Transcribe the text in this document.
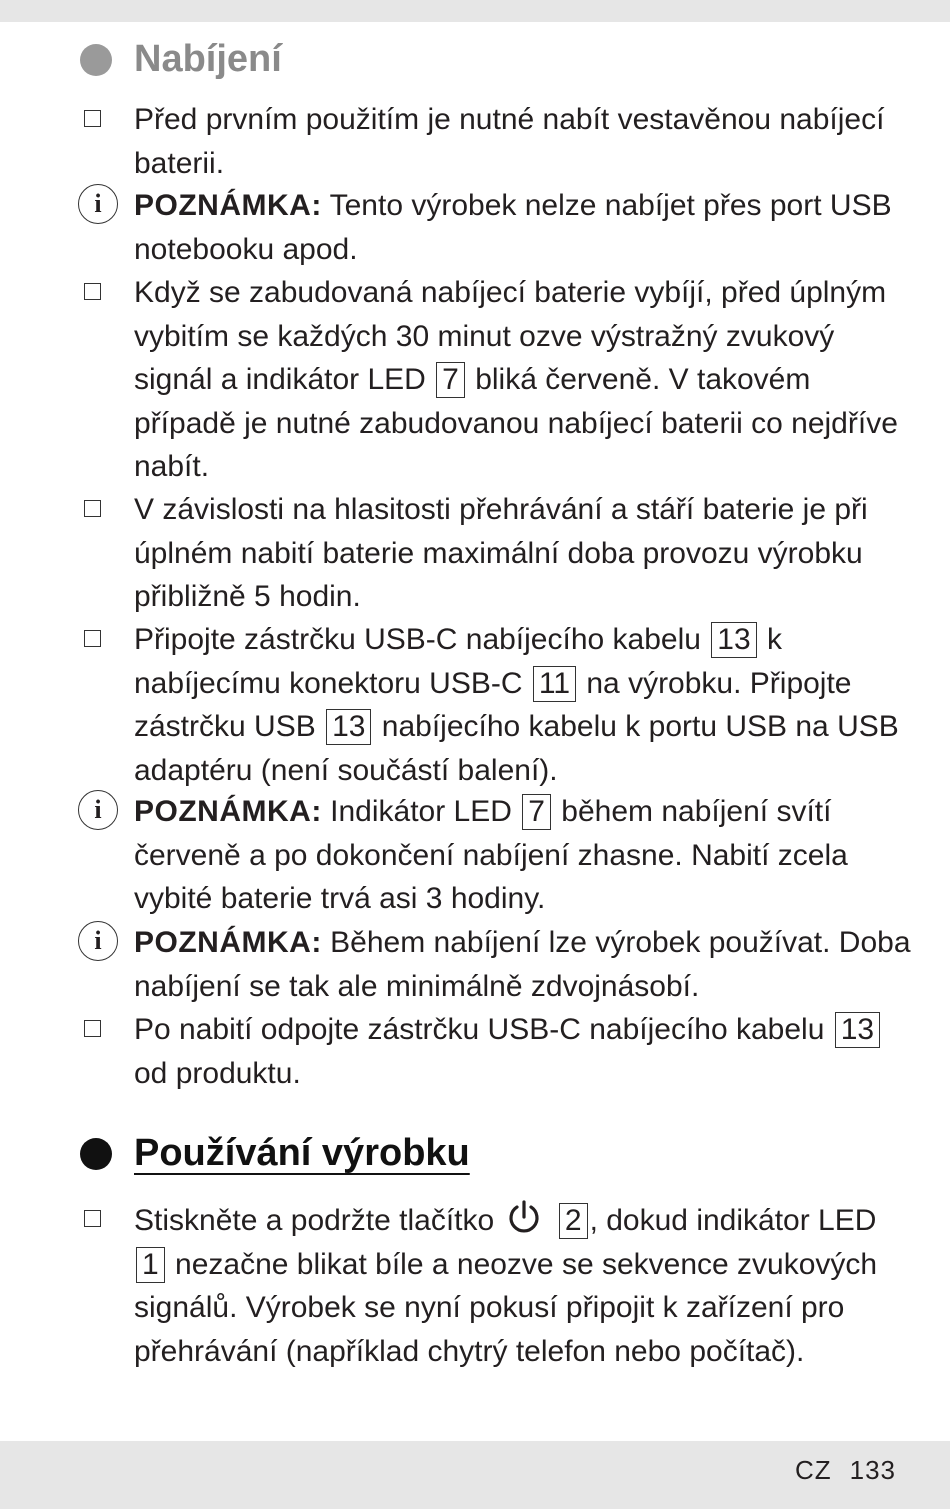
Nabíjení
Před prvním použitím je nutné nabít vestavěnou nabíjecí baterii.
i	POZNÁMKA: Tento výrobek nelze nabíjet přes port USB notebooku apod.
Když se zabudovaná nabíjecí baterie vybíjí, před úplným vybitím se každých 30 minut ozve výstražný zvukový signál a indikátor LED 7 bliká červeně. V takovém případě je nutné zabudovanou nabíjecí baterii co nejdříve nabít.
V závislosti na hlasitosti přehrávání a stáří baterie je při úplném nabití baterie maximální doba provozu výrobku přibližně 5 hodin.
Připojte zástrčku USB-C nabíjecího kabelu 13 k nabíjecímu konektoru USB-C 11 na výrobku. Připojte zástrčku USB 13 nabíjecího kabelu k portu USB na USB adaptéru (není součástí balení).
i	POZNÁMKA: Indikátor LED 7 během nabíjení svítí červeně a po dokončení nabíjení zhasne. Nabití zcela vybité baterie trvá asi 3 hodiny.
i	POZNÁMKA: Během nabíjení lze výrobek používat. Doba nabíjení se tak ale minimálně zdvojnásobí.
Po nabití odpojte zástrčku USB-C nabíjecího kabelu 13 od produktu.
Používání výrobku
Stiskněte a podržte tlačítko 2 , dokud indikátor LED 1 nezačne blikat bíle a neozve se sekvence zvukových signálů. Výrobek se nyní pokusí připojit k zařízení pro přehrávání (například chytrý telefon nebo počítač).
CZ 133
